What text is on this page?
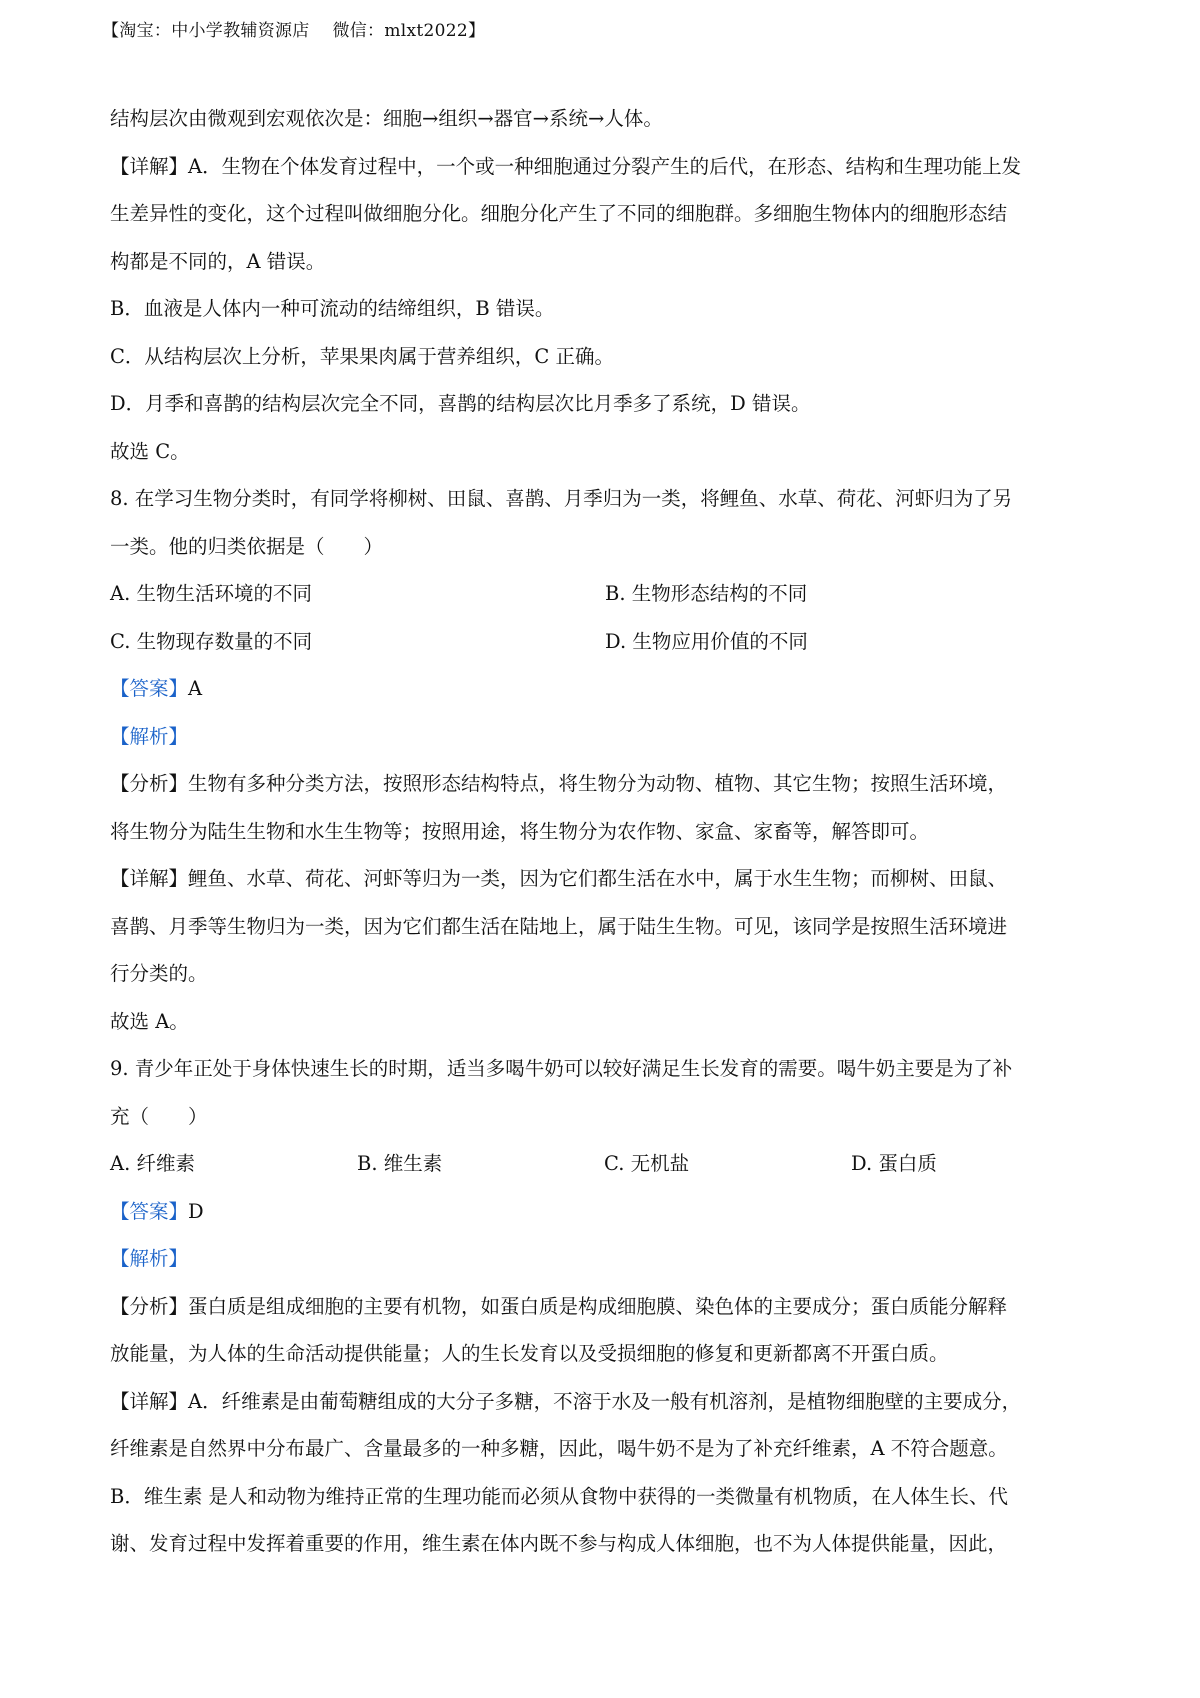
【淘宝：中小学教辅资源店 微信：mlxt2022】
结构层次由微观到宏观依次是：细胞→组织→器官→系统→人体。
【详解】A．生物在个体发育过程中，一个或一种细胞通过分裂产生的后代，在形态、结构和生理功能上发
生差异性的变化，这个过程叫做细胞分化。细胞分化产生了不同的细胞群。多细胞生物体内的细胞形态结
构都是不同的，A 错误。
B．血液是人体内一种可流动的结缔组织，B 错误。
C．从结构层次上分析，苹果果肉属于营养组织，C 正确。
D．月季和喜鹊的结构层次完全不同，喜鹊的结构层次比月季多了系统，D 错误。
故选 C。
8. 在学习生物分类时，有同学将柳树、田鼠、喜鹊、月季归为一类，将鲤鱼、水草、荷花、河虾归为了另
一类。他的归类依据是（　　）
A. 生物生活环境的不同	B. 生物形态结构的不同
C. 生物现存数量的不同	D. 生物应用价值的不同
【答案】A
【解析】
【分析】生物有多种分类方法，按照形态结构特点，将生物分为动物、植物、其它生物；按照生活环境，
将生物分为陆生生物和水生生物等；按照用途，将生物分为农作物、家盒、家畜等，解答即可。
【详解】鲤鱼、水草、荷花、河虾等归为一类，因为它们都生活在水中，属于水生生物；而柳树、田鼠、
喜鹊、月季等生物归为一类，因为它们都生活在陆地上，属于陆生生物。可见，该同学是按照生活环境进
行分类的。
故选 A。
9. 青少年正处于身体快速生长的时期，适当多喝牛奶可以较好满足生长发育的需要。喝牛奶主要是为了补
充（　　）
A. 纤维素	B. 维生素	C. 无机盐	D. 蛋白质
【答案】D
【解析】
【分析】蛋白质是组成细胞的主要有机物，如蛋白质是构成细胞膜、染色体的主要成分；蛋白质能分解释
放能量，为人体的生命活动提供能量；人的生长发育以及受损细胞的修复和更新都离不开蛋白质。
【详解】A．纤维素是由葡萄糖组成的大分子多糖，不溶于水及一般有机溶剂，是植物细胞壁的主要成分，
纤维素是自然界中分布最广、含量最多的一种多糖，因此，喝牛奶不是为了补充纤维素，A 不符合题意。
B．维生素 是人和动物为维持正常的生理功能而必须从食物中获得的一类微量有机物质，在人体生长、代
谢、发育过程中发挥着重要的作用，维生素在体内既不参与构成人体细胞，也不为人体提供能量，因此，
